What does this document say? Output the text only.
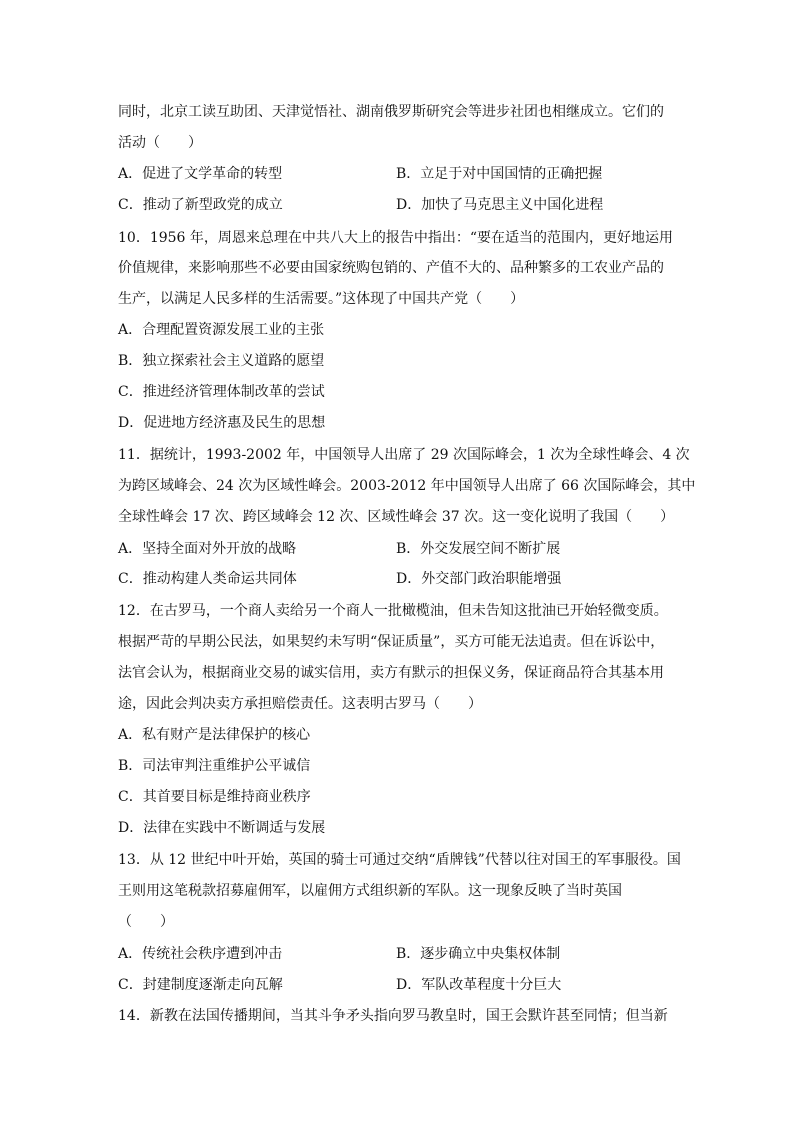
同时，北京工读互助团、天津觉悟社、湖南俄罗斯研究会等进步社团也相继成立。它们的
活动（　　）
A．促进了文学革命的转型	B．立足于对中国国情的正确把握
C．推动了新型政党的成立	D．加快了马克思主义中国化进程
10．1956 年，周恩来总理在中共八大上的报告中指出：“要在适当的范围内，更好地运用
价值规律，来影响那些不必要由国家统购包销的、产值不大的、品种繁多的工农业产品的
生产，以满足人民多样的生活需要。”这体现了中国共产党（　　）
A．合理配置资源发展工业的主张
B．独立探索社会主义道路的愿望
C．推进经济管理体制改革的尝试
D．促进地方经济惠及民生的思想
11．据统计，1993-2002 年，中国领导人出席了 29 次国际峰会，1 次为全球性峰会、4 次
为跨区域峰会、24 次为区域性峰会。2003-2012 年中国领导人出席了 66 次国际峰会，其中
全球性峰会 17 次、跨区域峰会 12 次、区域性峰会 37 次。这一变化说明了我国（　　）
A．坚持全面对外开放的战略	B．外交发展空间不断扩展
C．推动构建人类命运共同体	D．外交部门政治职能增强
12．在古罗马，一个商人卖给另一个商人一批橄榄油，但未告知这批油已开始轻微变质。
根据严苛的早期公民法，如果契约未写明“保证质量”，买方可能无法追责。但在诉讼中，
法官会认为，根据商业交易的诚实信用，卖方有默示的担保义务，保证商品符合其基本用
途，因此会判决卖方承担赔偿责任。这表明古罗马（　　）
A．私有财产是法律保护的核心
B．司法审判注重维护公平诚信
C．其首要目标是维持商业秩序
D．法律在实践中不断调适与发展
13．从 12 世纪中叶开始，英国的骑士可通过交纳“盾牌钱”代替以往对国王的军事服役。国
王则用这笔税款招募雇佣军，以雇佣方式组织新的军队。这一现象反映了当时英国
（　　）
A．传统社会秩序遭到冲击	B．逐步确立中央集权体制
C．封建制度逐渐走向瓦解	D．军队改革程度十分巨大
14．新教在法国传播期间，当其斗争矛头指向罗马教皇时，国王会默许甚至同情；但当新
